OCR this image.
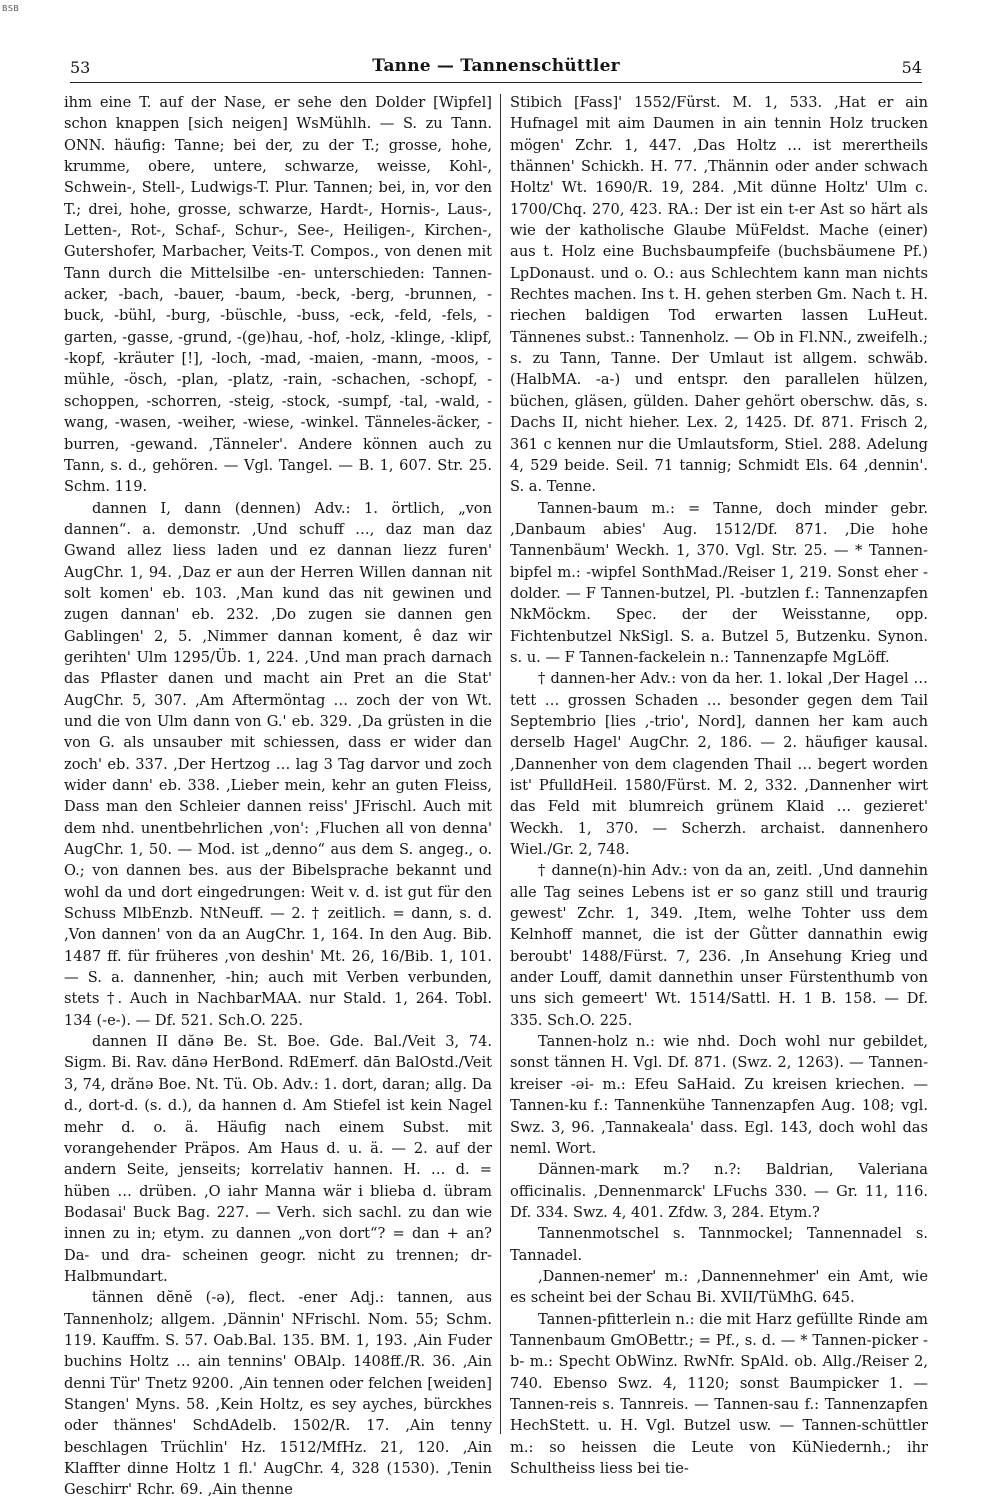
BSB
53	Tanne — Tannenschüttler	54

ihm eine T. auf der Nase, er sehe den Dolder [Wipfel] schon knappen [sich neigen] WsMühlh. — S. zu Tann. ONN. häufig: Tanne; bei der, zu der T.; grosse, hohe, krumme, obere, untere, schwarze, weisse, Kohl-, Schwein-, Stell-, Ludwigs-T. Plur. Tannen; bei, in, vor den T.; drei, hohe, grosse, schwarze, Hardt-, Hornis-, Laus-, Letten-, Rot-, Schaf-, Schur-, See-, Heiligen-, Kirchen-, Gutershofer, Marbacher, Veits-T. Compos., von denen mit Tann durch die Mittelsilbe -en- unterschieden: Tannen-acker, -bach, -bauer, -baum, -beck, -berg, -brunnen, -buck, -bühl, -burg, -büschle, -buss, -eck, -feld, -fels, -garten, -gasse, -grund, -(ge)hau, -hof, -holz, -klinge, -klipf, -kopf, -kräuter [!], -loch, -mad, -maien, -mann, -moos, -mühle, -ösch, -plan, -platz, -rain, -schachen, -schopf, -schoppen, -schorren, -steig, -stock, -sumpf, -tal, -wald, -wang, -wasen, -weiher, -wiese, -winkel. Tänneles-äcker, -burren, -gewand. ‚Tänneler'. Andere können auch zu Tann, s. d., gehören. — Vgl. Tangel. — B. 1, 607. Str. 25. Schm. 119.

dannen I, dann (dennen) Adv.: 1. örtlich, „von dannen“. a. demonstr. ‚Und schuff …, daz man daz Gwand allez liess laden und ez dannan liezz furen' AugChr. 1, 94. ‚Daz er aun der Herren Willen dannan nit solt komen' eb. 103. ‚Man kund das nit gewinen und zugen dannan' eb. 232. ‚Do zugen sie dannen gen Gablingen' 2, 5. ‚Nimmer dannan koment, ê daz wir gerihten' Ulm 1295/Üb. 1, 224. ‚Und man prach darnach das Pflaster danen und macht ain Pret an die Stat' AugChr. 5, 307. ‚Am Aftermöntag … zoch der von Wt. und die von Ulm dann von G.' eb. 329. ‚Da grüsten in die von G. als unsauber mit schiessen, dass er wider dan zoch' eb. 337. ‚Der Hertzog … lag 3 Tag darvor und zoch wider dann' eb. 338. ‚Lieber mein, kehr an guten Fleiss, Dass man den Schleier dannen reiss' JFrischl. Auch mit dem nhd. unentbehrlichen ‚von': ‚Fluchen all von denna' AugChr. 1, 50. — Mod. ist „denno“ aus dem S. angeg., o. O.; von dannen bes. aus der Bibelsprache bekannt und wohl da und dort eingedrungen: Weit v. d. ist gut für den Schuss MlbEnzb. NtNeuff. — 2. † zeitlich. = dann, s. d. ‚Von dannen' von da an AugChr. 1, 164. In den Aug. Bib. 1487 ff. für früheres ‚von deshin' Mt. 26, 16/Bib. 1, 101. — S. a. dannenher, -hin; auch mit Verben verbunden, stets †. Auch in NachbarMAA. nur Stald. 1, 264. Tobl. 134 (-e-). — Df. 521. Sch.O. 225.

dannen II dănə Be. St. Boe. Gde. Bal./Veit 3, 74. Sigm. Bi. Rav. dānə HerBond. RdEmerf. dān BalOstd./Veit 3, 74, drănə Boe. Nt. Tü. Ob. Adv.: 1. dort, daran; allg. Da d., dort-d. (s. d.), da hannen d. Am Stiefel ist kein Nagel mehr d. o. ä. Häufig nach einem Subst. mit vorangehender Präpos. Am Haus d. u. ä. — 2. auf der andern Seite, jenseits; korrelativ hannen. H. … d. = hüben … drüben. ‚O iahr Manna wär i blieba d. übram Bodasai' Buck Bag. 227. — Verh. sich sachl. zu dan wie innen zu in; etym. zu dannen „von dort“? = dan + an? Da- und dra- scheinen geogr. nicht zu trennen; dr- Halbmundart.

tännen dĕnĕ (-ə), flect. -ener Adj.: tannen, aus Tannenholz; allgem. ‚Dännin' NFrischl. Nom. 55; Schm. 119. Kauffm. S. 57. Oab.Bal. 135. BM. 1, 193. ‚Ain Fuder buchins Holtz … ain tennins' OBAlp. 1408ff./R. 36. ‚Ain denni Tür' Tnetz 9200. ‚Ain tennen oder felchen [weiden] Stangen' Myns. 58. ‚Kein Holtz, es sey ayches, bürckhes oder thännes' SchdAdelb. 1502/R. 17. ‚Ain tenny beschlagen Trüchlin' Hz. 1512/MfHz. 21, 120. ‚Ain Klaffter dinne Holtz 1 fl.' AugChr. 4, 328 (1530). ‚Tenin Geschirr' Rchr. 69. ‚Ain thenne

Stibich [Fass]' 1552/Fürst. M. 1, 533. ‚Hat er ain Hufnagel mit aim Daumen in ain tennin Holz trucken mögen' Zchr. 1, 447. ‚Das Holtz … ist merertheils thännen' Schickh. H. 77. ‚Thännin oder ander schwach Holtz' Wt. 1690/R. 19, 284. ‚Mit dünne Holtz' Ulm c. 1700/Chq. 270, 423. RA.: Der ist ein t-er Ast so härt als wie der katholische Glaube MüFeldst. Mache (einer) aus t. Holz eine Buchsbaumpfeife (buchsbäumene Pf.) LpDonaust. und o. O.: aus Schlechtem kann man nichts Rechtes machen. Ins t. H. gehen sterben Gm. Nach t. H. riechen baldigen Tod erwarten lassen LuHeut. Tännenes subst.: Tannenholz. — Ob in Fl.NN., zweifelh.; s. zu Tann, Tanne. Der Umlaut ist allgem. schwäb. (HalbMA. -a-) und entspr. den parallelen hülzen, büchen, gläsen, gülden. Daher gehört oberschw. dās, s. Dachs II, nicht hieher. Lex. 2, 1425. Df. 871. Frisch 2, 361 c kennen nur die Umlautsform, Stiel. 288. Adelung 4, 529 beide. Seil. 71 tannig; Schmidt Els. 64 ‚dennin'. S. a. Tenne.

Tannen-baum m.: = Tanne, doch minder gebr. ‚Danbaum abies' Aug. 1512/Df. 871. ‚Die hohe Tannenbäum' Weckh. 1, 370. Vgl. Str. 25. — * Tannen-bipfel m.: -wipfel SonthMad./Reiser 1, 219. Sonst eher -dolder. — F Tannen-butzel, Pl. -butzlen f.: Tannenzapfen NkMöckm. Spec. der der Weisstanne, opp. Fichtenbutzel NkSigl. S. a. Butzel 5, Butzenku. Synon. s. u. — F Tannen-fackelein n.: Tannenzapfe MgLöff.

† dannen-her Adv.: von da her. 1. lokal ‚Der Hagel … tett … grossen Schaden … besonder gegen dem Tail Septembrio [lies ‚-trio', Nord], dannen her kam auch derselb Hagel' AugChr. 2, 186. — 2. häufiger kausal. ‚Dannenher von dem clagenden Thail … begert worden ist' PfulldHeil. 1580/Fürst. M. 2, 332. ‚Dannenher wirt das Feld mit blumreich grünem Klaid … gezieret' Weckh. 1, 370. — Scherzh. archaist. dannenhero Wiel./Gr. 2, 748.

† danne(n)-hin Adv.: von da an, zeitl. ‚Und dannehin alle Tag seines Lebens ist er so ganz still und traurig gewest' Zchr. 1, 349. ‚Item, welhe Tohter uss dem Kelnhoff mannet, die ist der Gǜtter dannathin ewig beroubt' 1488/Fürst. 7, 236. ‚In Ansehung Krieg und ander Louff, damit dannethin unser Fürstenthumb von uns sich gemeert' Wt. 1514/Sattl. H. 1 B. 158. — Df. 335. Sch.O. 225.

Tannen-holz n.: wie nhd. Doch wohl nur gebildet, sonst tännen H. Vgl. Df. 871. (Swz. 2, 1263). — Tannen-kreiser -əi- m.: Efeu SaHaid. Zu kreisen kriechen. — Tannen-ku f.: Tannenkühe Tannenzapfen Aug. 108; vgl. Swz. 3, 96. ‚Tannakeala' dass. Egl. 143, doch wohl das neml. Wort.

Dännen-mark m.? n.?: Baldrian, Valeriana officinalis. ‚Dennenmarck' LFuchs 330. — Gr. 11, 116. Df. 334. Swz. 4, 401. Zfdw. 3, 284. Etym.?

Tannenmotschel s. Tannmockel; Tannennadel s. Tannadel.

‚Dannen-nemer' m.: ‚Dannennehmer' ein Amt, wie es scheint bei der Schau Bi. XVII/TüMhG. 645.

Tannen-pfitterlein n.: die mit Harz gefüllte Rinde am Tannenbaum GmOBettr.; = Pf., s. d. — * Tannen-picker -b- m.: Specht ObWinz. RwNfr. SpAld. ob. Allg./Reiser 2, 740. Ebenso Swz. 4, 1120; sonst Baumpicker 1. — Tannen-reis s. Tannreis. — Tannen-sau f.: Tannenzapfen HechStett. u. H. Vgl. Butzel usw. — Tannen-schüttler m.: so heissen die Leute von KüNiedernh.; ihr Schultheiss liess bei tie-
